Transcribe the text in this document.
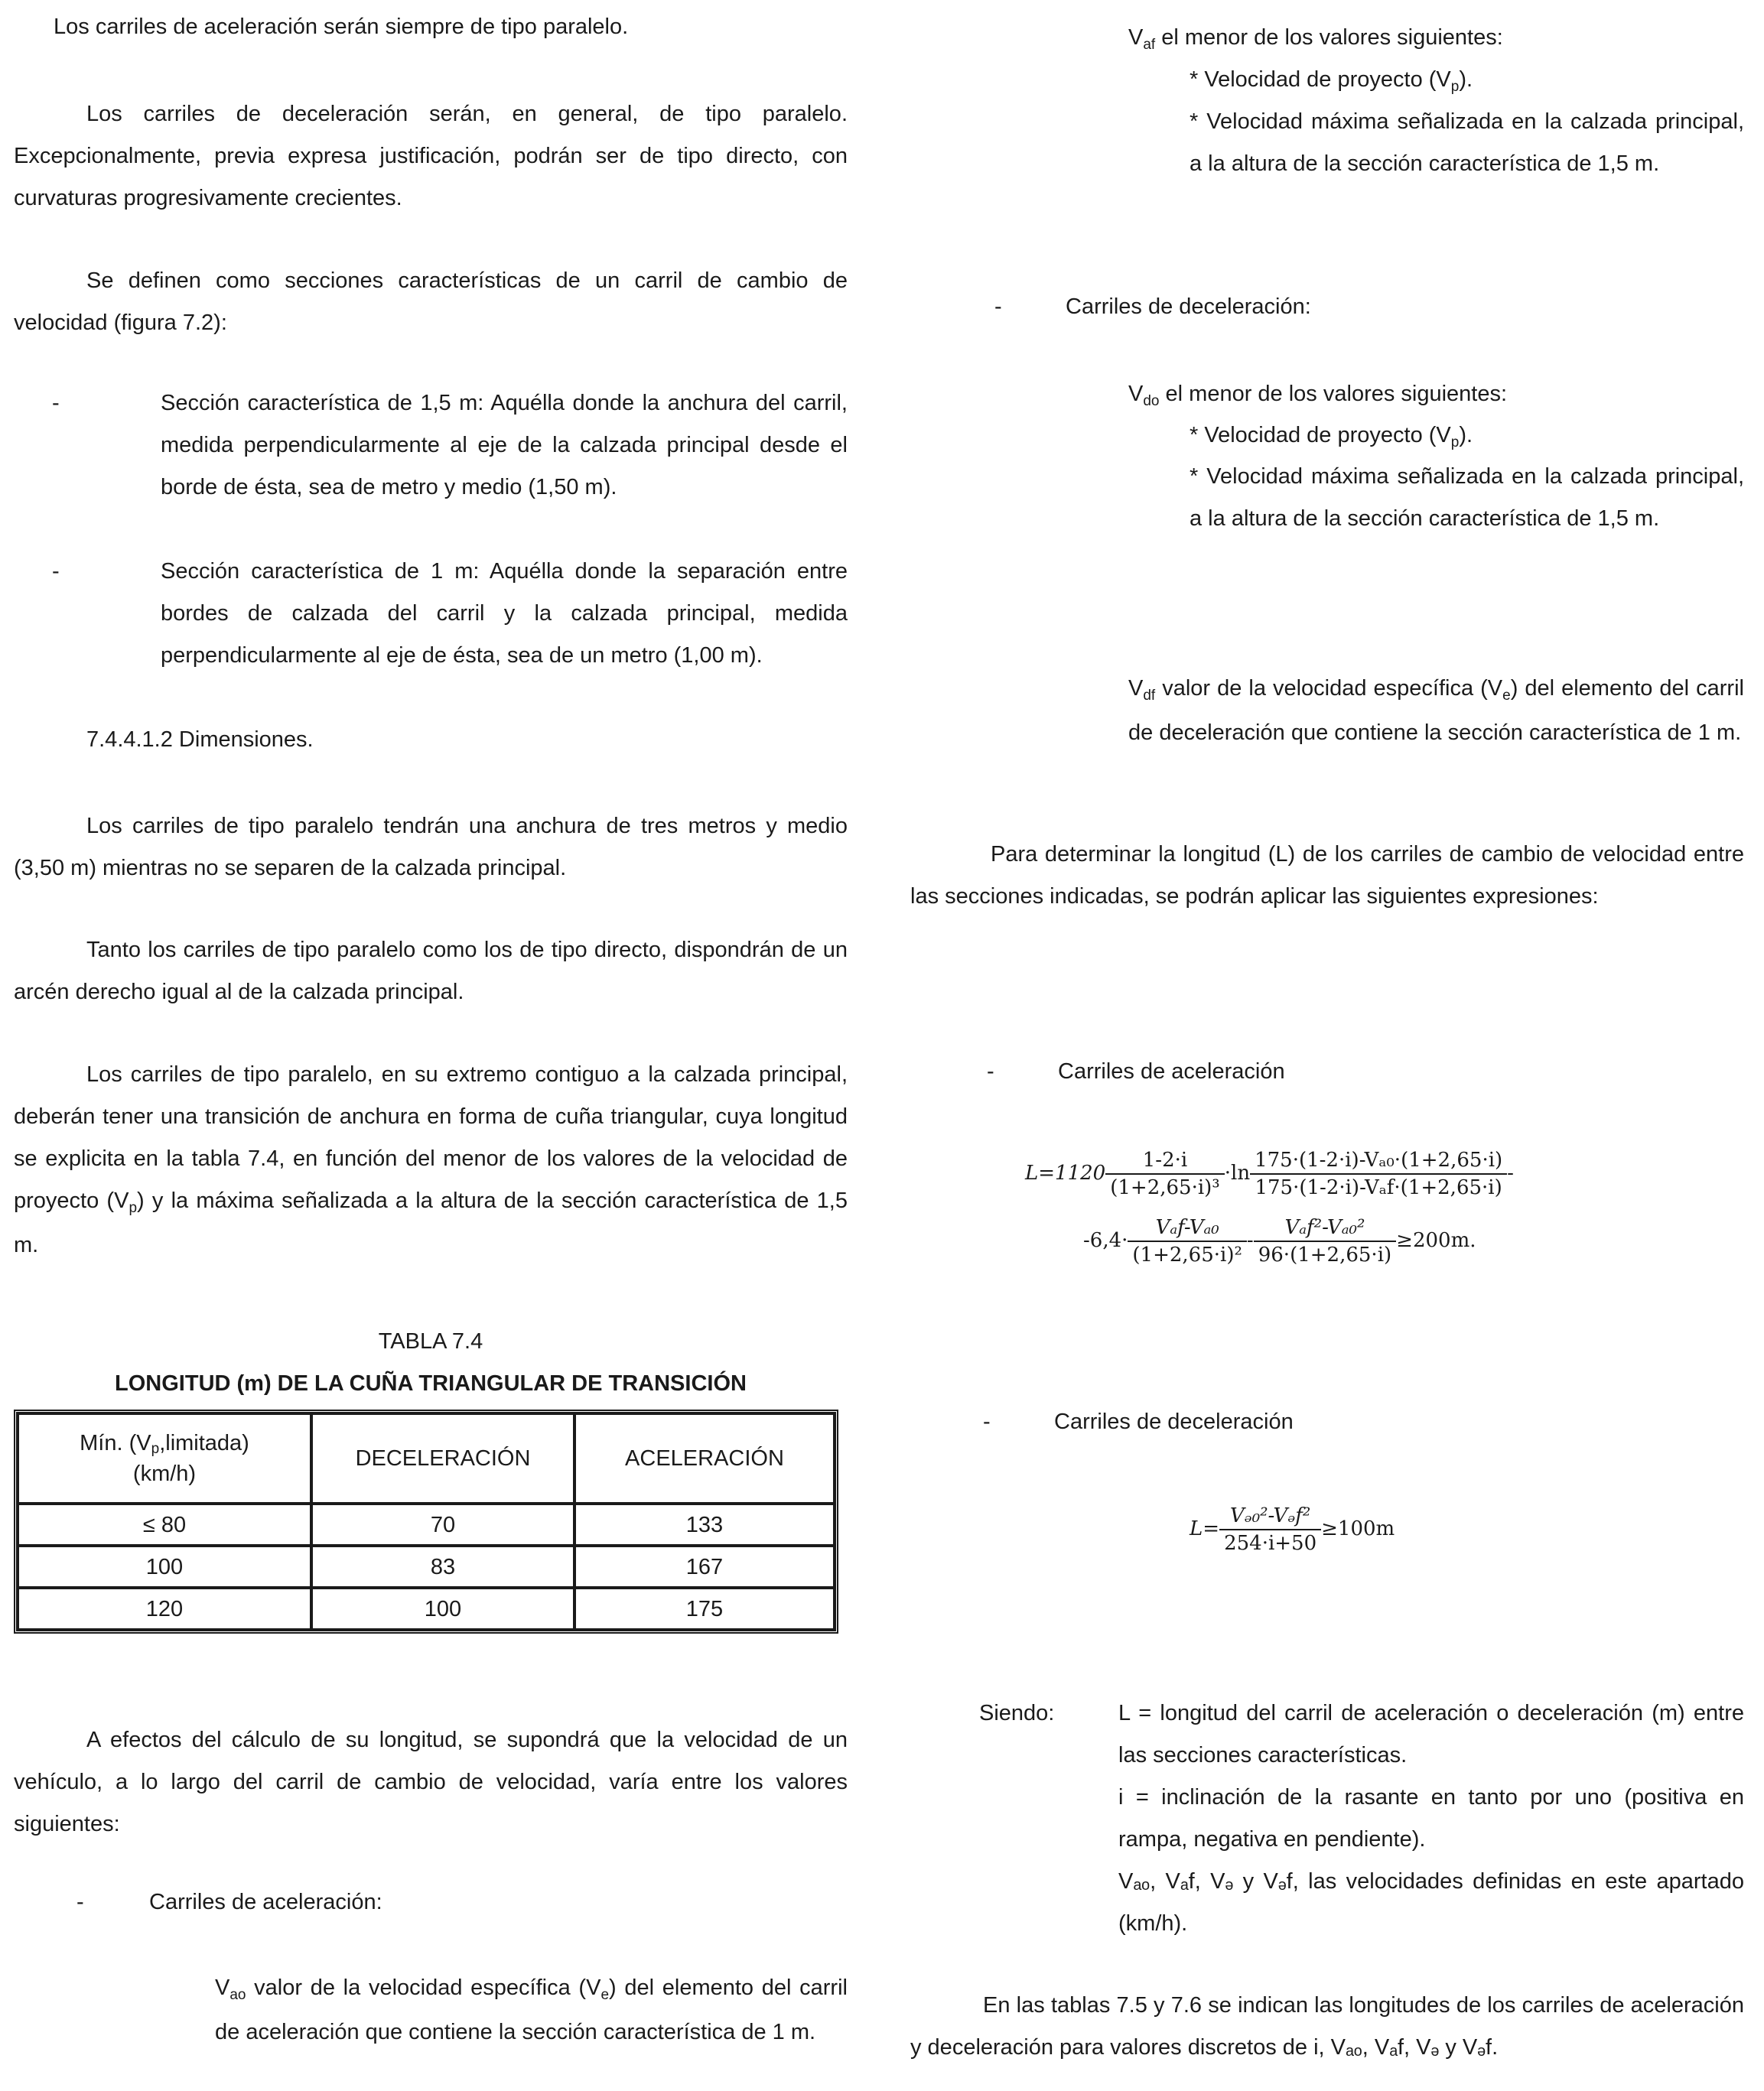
Los carriles de aceleración serán siempre de tipo paralelo.

Los carriles de deceleración serán, en general, de tipo paralelo. Excepcionalmente, previa expresa justificación, podrán ser de tipo directo, con curvaturas progresivamente crecientes.

Se definen como secciones características de un carril de cambio de velocidad (figura 7.2):

-	Sección característica de 1,5 m: Aquélla donde la anchura del carril, medida perpendicularmente al eje de la calzada principal desde el borde de ésta, sea de metro y medio (1,50 m).

-	Sección característica de 1 m: Aquélla donde la separación entre bordes de calzada del carril y la calzada principal, medida perpendicularmente al eje de ésta, sea de un metro (1,00 m).

7.4.4.1.2 Dimensiones.

Los carriles de tipo paralelo tendrán una anchura de tres metros y medio (3,50 m) mientras no se separen de la calzada principal.

Tanto los carriles de tipo paralelo como los de tipo directo, dispondrán de un arcén derecho igual al de la calzada principal.

Los carriles de tipo paralelo, en su extremo contiguo a la calzada principal, deberán tener una transición de anchura en forma de cuña triangular, cuya longitud se explicita en la tabla 7.4, en función del menor de los valores de la velocidad de proyecto $(V_p)$ y la máxima señalizada a la altura de la sección característica de 1,5 m.

TABLA 7.4

LONGITUD (m) DE LA CUÑA TRIANGULAR DE TRANSICIÓN

Mín. (Vp,limitada)
(km/h)	DECELERACIÓN	ACELERACIÓN
≤ 80	70	133
100	83	167
120	100	175

A efectos del cálculo de su longitud, se supondrá que la velocidad de un vehículo, a lo largo del carril de cambio de velocidad, varía entre los valores siguientes:

-	Carriles de aceleración:

$V_{ao}$ valor de la velocidad específica $(V_e)$ del elemento del carril de aceleración que contiene la sección característica de 1 m.

$V_{af}$ el menor de los valores siguientes:

* Velocidad de proyecto $(V_p)$.

* Velocidad máxima señalizada en la calzada principal, a la altura de la sección característica de 1,5 m.

-	Carriles de deceleración:

$V_{do}$ el menor de los valores siguientes:

* Velocidad de proyecto $(V_p)$.

* Velocidad máxima señalizada en la calzada principal, a la altura de la sección característica de 1,5 m.

$V_{df}$ valor de la velocidad específica $(V_e)$ del elemento del carril de deceleración que contiene la sección característica de 1 m.

Para determinar la longitud (L) de los carriles de cambio de velocidad entre las secciones indicadas, se podrán aplicar las siguientes expresiones:

-	Carriles de aceleración

$L=1120 \frac{1-2\cdot i}{\text{(1+2,65·i)³}} \cdot\ln \frac{\text{175·(1-2·i)-Vₐ₀·(1+2,65·i)}}{\text{175·(1-2·i)-Vₐf·(1+2,65·i)}}$ -
$-6,4\cdot \frac{\text{Vₐf-Vₐ₀}}{\text{(1+2,65·i)²}} - \frac{\text{Vₐf²-Vₐ₀²}}{96\cdot(1+2,65\cdot i)} \ge 200m$.
-	Carriles de deceleración

$L= \frac{\text{Vₔ₀²-Vₔf²}}{254\cdot i+50} \ge 100m$

Siendo:	L = longitud del carril de aceleración o deceleración (m) entre las secciones características.

i = inclinación de la rasante en tanto por uno (positiva en rampa, negativa en pendiente).

Vₐₒ, Vₐf, Vₔ y Vₔf, las velocidades definidas en este apartado (km/h).

En las tablas 7.5 y 7.6 se indican las longitudes de los carriles de aceleración y deceleración para valores discretos de i, Vₐₒ, Vₐf, Vₔ y Vₔf.
